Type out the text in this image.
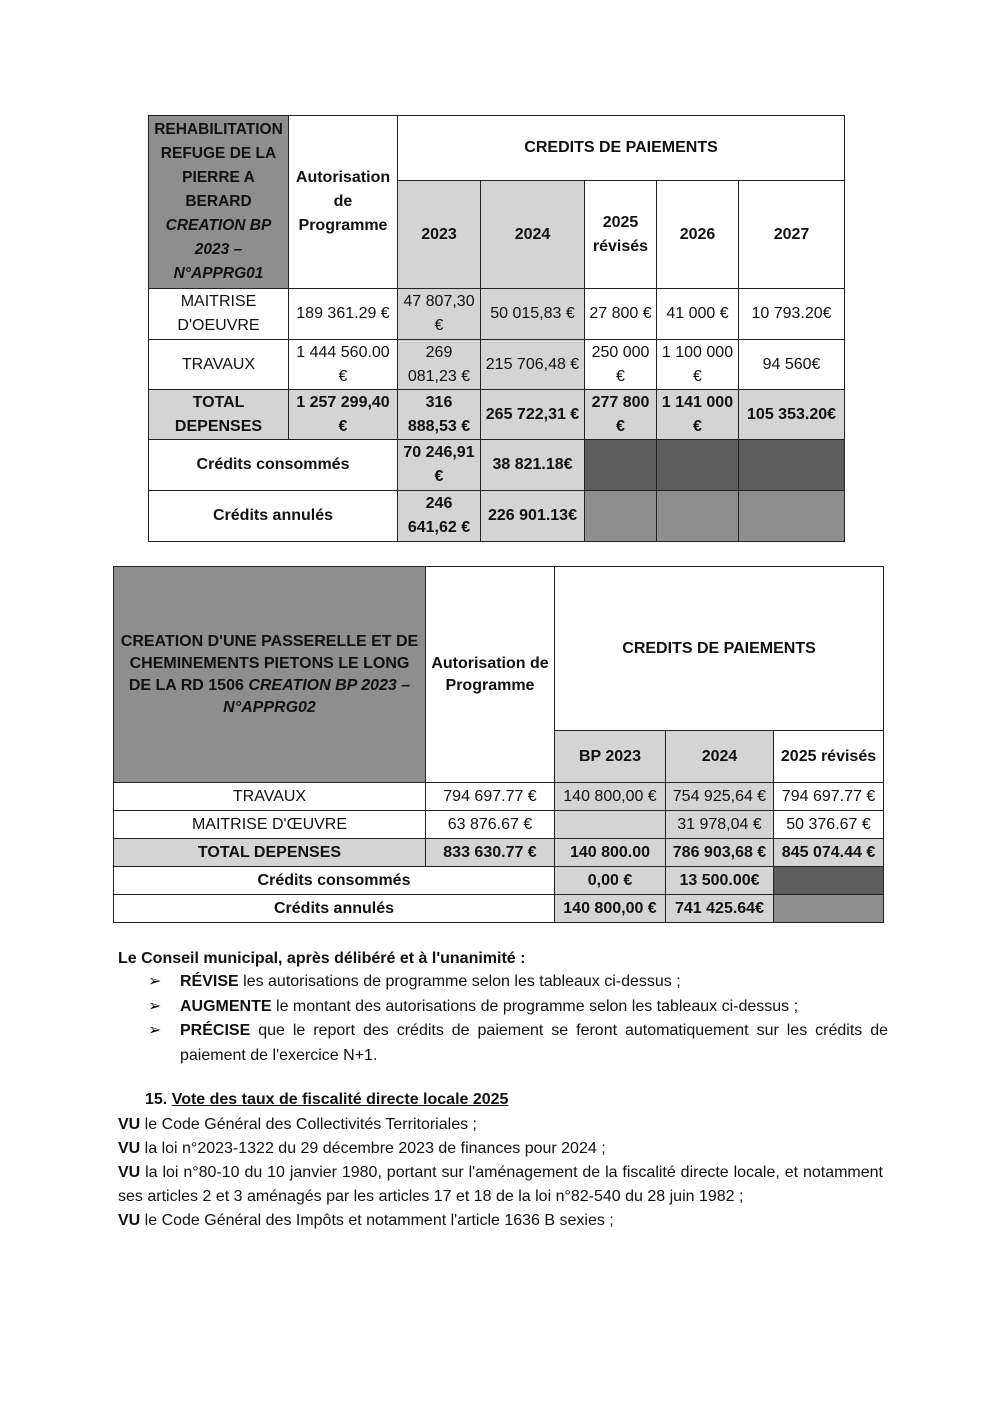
REHABILITATION REFUGE DE LA PIERRE A BERARD CREATION BP 2023 – N°APPRG01	Autorisation de Programme	CREDITS DE PAIEMENTS				
		2023	2024	2025 révisés	2026	2027
MAITRISE D'OEUVRE	189 361.29 €	47 807,30 €	50 015,83 €	27 800 €	41 000 €	10 793.20€
TRAVAUX	1 444 560.00 €	269 081,23 €	215 706,48 €	250 000 €	1 100 000 €	94 560€
TOTAL DEPENSES	1 257 299,40 €	316 888,53 €	265 722,31 €	277 800 €	1 141 000 €	105 353.20€
Crédits consommés		70 246,91 €	38 821.18€			
Crédits annulés		246 641,62 €	226 901.13€			
CREATION D'UNE PASSERELLE ET DE CHEMINEMENTS PIETONS LE LONG DE LA RD 1506 CREATION BP 2023 – N°APPRG02	Autorisation de Programme	CREDITS DE PAIEMENTS		
		BP 2023	2024	2025 révisés
TRAVAUX	794 697.77 €	140 800,00 €	754 925,64 €	794 697.77 €
MAITRISE D'ŒUVRE	63 876.67 €		31 978,04 €	50 376.67 €
TOTAL DEPENSES	833 630.77 €	140 800.00	786 903,68 €	845 074.44 €
Crédits consommés		0,00 €	13 500.00€	
Crédits annulés		140 800,00 €	741 425.64€	
Le Conseil municipal, après délibéré et à l'unanimité :
➢ RÉVISE les autorisations de programme selon les tableaux ci-dessus ;
➢ AUGMENTE le montant des autorisations de programme selon les tableaux ci-dessus ;
➢ PRÉCISE que le report des crédits de paiement se feront automatiquement sur les crédits de paiement de l'exercice N+1.
15. Vote des taux de fiscalité directe locale 2025
VU le Code Général des Collectivités Territoriales ;
VU la loi n°2023-1322 du 29 décembre 2023 de finances pour 2024 ;
VU la loi n°80-10 du 10 janvier 1980, portant sur l'aménagement de la fiscalité directe locale, et notamment ses articles 2 et 3 aménagés par les articles 17 et 18 de la loi n°82-540 du 28 juin 1982 ;
VU le Code Général des Impôts et notamment l'article 1636 B sexies ;
